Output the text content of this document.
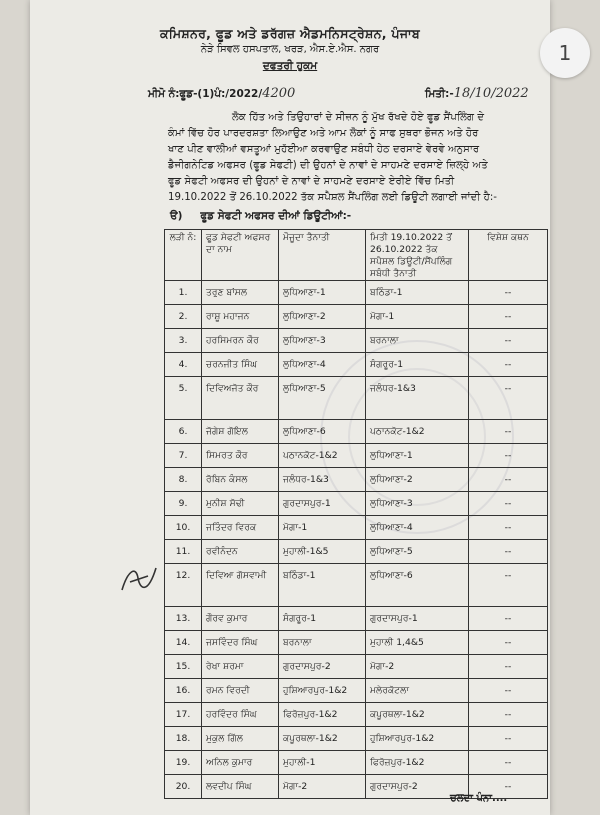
ਕਮਿਸ਼ਨਰ, ਫੂਡ ਅਤੇ ਡਰੱਗਜ਼ ਐਡਮਨਿਸਟ੍ਰੇਸ਼ਨ, ਪੰਜਾਬ
ਨੇੜੇ ਸਿਵਲ ਹਸਪਤਾਲ, ਖਰੜ, ਐਸ.ਏ.ਐਸ. ਨਗਰ
ਦਫਤਰੀ ਹੁਕਮ
ਮੀਮੋ ਨੰ:ਫੂਡ-(1)ਪੰ:/2022/4200	ਮਿਤੀ:-18/10/2022
ਲੋਕ ਹਿੱਤ ਅਤੇ ਤਿਉਹਾਰਾਂ ਦੇ ਸੀਜ਼ਨ ਨੂੰ ਮੁੱਖ ਰੱਖਦੇ ਹੋਏ ਫੂਡ ਸੈਂਪਲਿੰਗ ਦੇ
ਕੰਮਾਂ ਵਿੱਚ ਹੋਰ ਪਾਰਦਰਸ਼ਤਾ ਲਿਆਉਣ ਅਤੇ ਆਮ ਲੋਕਾਂ ਨੂੰ ਸਾਫ ਸੁਥਰਾ ਭੋਜਨ ਅਤੇ ਹੋਰ
ਖਾਣ ਪੀਣ ਵਾਲੀਆਂ ਵਸਤੂਆਂ ਮੁਹੱਈਆ ਕਰਵਾਉਣ ਸਬੰਧੀ ਹੇਠ ਦਰਸਾਏ ਵੇਰਵੇ ਅਨੁਸਾਰ
ਡੈਜੀਗਨੇਟਿਡ ਅਫਸਰ (ਫੂਡ ਸੇਫਟੀ) ਦੀ ਉਹਨਾਂ ਦੇ ਨਾਵਾਂ ਦੇ ਸਾਹਮਣੇ ਦਰਸਾਏ ਜ਼ਿਲ੍ਹੇ ਅਤੇ
ਫੂਡ ਸੇਫਟੀ ਅਫਸਰ ਦੀ ਉਹਨਾਂ ਦੇ ਨਾਵਾਂ ਦੇ ਸਾਹਮਣੇ ਦਰਸਾਏ ਏਰੀਏ ਵਿੱਚ ਮਿਤੀ
19.10.2022 ਤੋਂ 26.10.2022 ਤੱਕ ਸਪੈਸ਼ਲ ਸੈਂਪਲਿੰਗ ਲਈ ਡਿਊਟੀ ਲਗਾਈ ਜਾਂਦੀ ਹੈ:-
ੳ) ਫੂਡ ਸੇਫਟੀ ਅਫਸਰ ਦੀਆਂ ਡਿਊਟੀਆਂ:-
ਲੜੀ ਨੰ:	ਫੂਡ ਸੇਫਟੀ ਅਫਸਰ ਦਾ ਨਾਮ	ਮੌਜੂਦਾ ਤੈਨਾਤੀ	ਮਿਤੀ 19.10.2022 ਤੋਂ 26.10.2022 ਤੱਕ ਸਪੈਸ਼ਲ ਡਿਊਟੀ/ਸੈਂਪਲਿੰਗ ਸਬੰਧੀ ਤੈਨਾਤੀ	ਵਿਸ਼ੇਸ਼ ਕਥਨ
1.	ਤਰੁਣ ਬਾਂਸਲ	ਲੁਧਿਆਣਾ-1	ਬਠਿੰਡਾ-1	--
2.	ਰਾਸ਼ੂ ਮਹਾਜਨ	ਲੁਧਿਆਣਾ-2	ਮੋਗਾ-1	--
3.	ਹਰਸਿਮਰਨ ਕੌਰ	ਲੁਧਿਆਣਾ-3	ਬਰਨਾਲਾ	--
4.	ਚਰਨਜੀਤ ਸਿੰਘ	ਲੁਧਿਆਣਾ-4	ਸੰਗਰੂਰ-1	--
5.	ਦਿਵਿਅਜੋਤ ਕੌਰ	ਲੁਧਿਆਣਾ-5	ਜਲੰਧਰ-1&3	--
6.	ਜੋਗੇਸ਼ ਗੋਇਲ	ਲੁਧਿਆਣਾ-6	ਪਠਾਨਕੋਟ-1&2	--
7.	ਸਿਮਰਤ ਕੌਰ	ਪਠਾਨਕੋਟ-1&2	ਲੁਧਿਆਣਾ-1	--
8.	ਰੋਬਿਨ ਕੰਸਲ	ਜਲੰਧਰ-1&3	ਲੁਧਿਆਣਾ-2	--
9.	ਮੁਨੀਸ਼ ਸੋਢੀ	ਗੁਰਦਾਸਪੁਰ-1	ਲੁਧਿਆਣਾ-3	--
10.	ਜਤਿੰਦਰ ਵਿਰਕ	ਮੋਗਾ-1	ਲੁਧਿਆਣਾ-4	--
11.	ਰਵੀਨੰਦਨ	ਮੁਹਾਲੀ-1&5	ਲੁਧਿਆਣਾ-5	--
12.	ਦਿਵਿਆ ਗੋਸਵਾਮੀ	ਬਠਿੰਡਾ-1	ਲੁਧਿਆਣਾ-6	--
13.	ਗੌਰਵ ਕੁਮਾਰ	ਸੰਗਰੂਰ-1	ਗੁਰਦਾਸਪੁਰ-1	--
14.	ਜਸਵਿੰਦਰ ਸਿੰਘ	ਬਰਨਾਲਾ	ਮੁਹਾਲੀ 1,4&5	--
15.	ਰੇਖਾ ਸ਼ਰਮਾ	ਗੁਰਦਾਸਪੁਰ-2	ਮੋਗਾ-2	--
16.	ਰਮਨ ਵਿਰਦੀ	ਹੁਸ਼ਿਆਰਪੁਰ-1&2	ਮਲੇਰਕੋਟਲਾ	--
17.	ਹਰਵਿੰਦਰ ਸਿੰਘ	ਫਿਰੋਜ਼ਪੁਰ-1&2	ਕਪੂਰਥਲਾ-1&2	--
18.	ਮੁਕੁਲ ਗਿੱਲ	ਕਪੂਰਥਲਾ-1&2	ਹੁਸ਼ਿਆਰਪੁਰ-1&2	--
19.	ਅਨਿਲ ਕੁਮਾਰ	ਮੁਹਾਲੀ-1	ਫਿਰੋਜ਼ਪੁਰ-1&2	--
20.	ਲਵਦੀਪ ਸਿੰਘ	ਮੋਗਾ-2	ਗੁਰਦਾਸਪੁਰ-2	--
ਚਲਦਾ ਪੰਨਾ....
1
